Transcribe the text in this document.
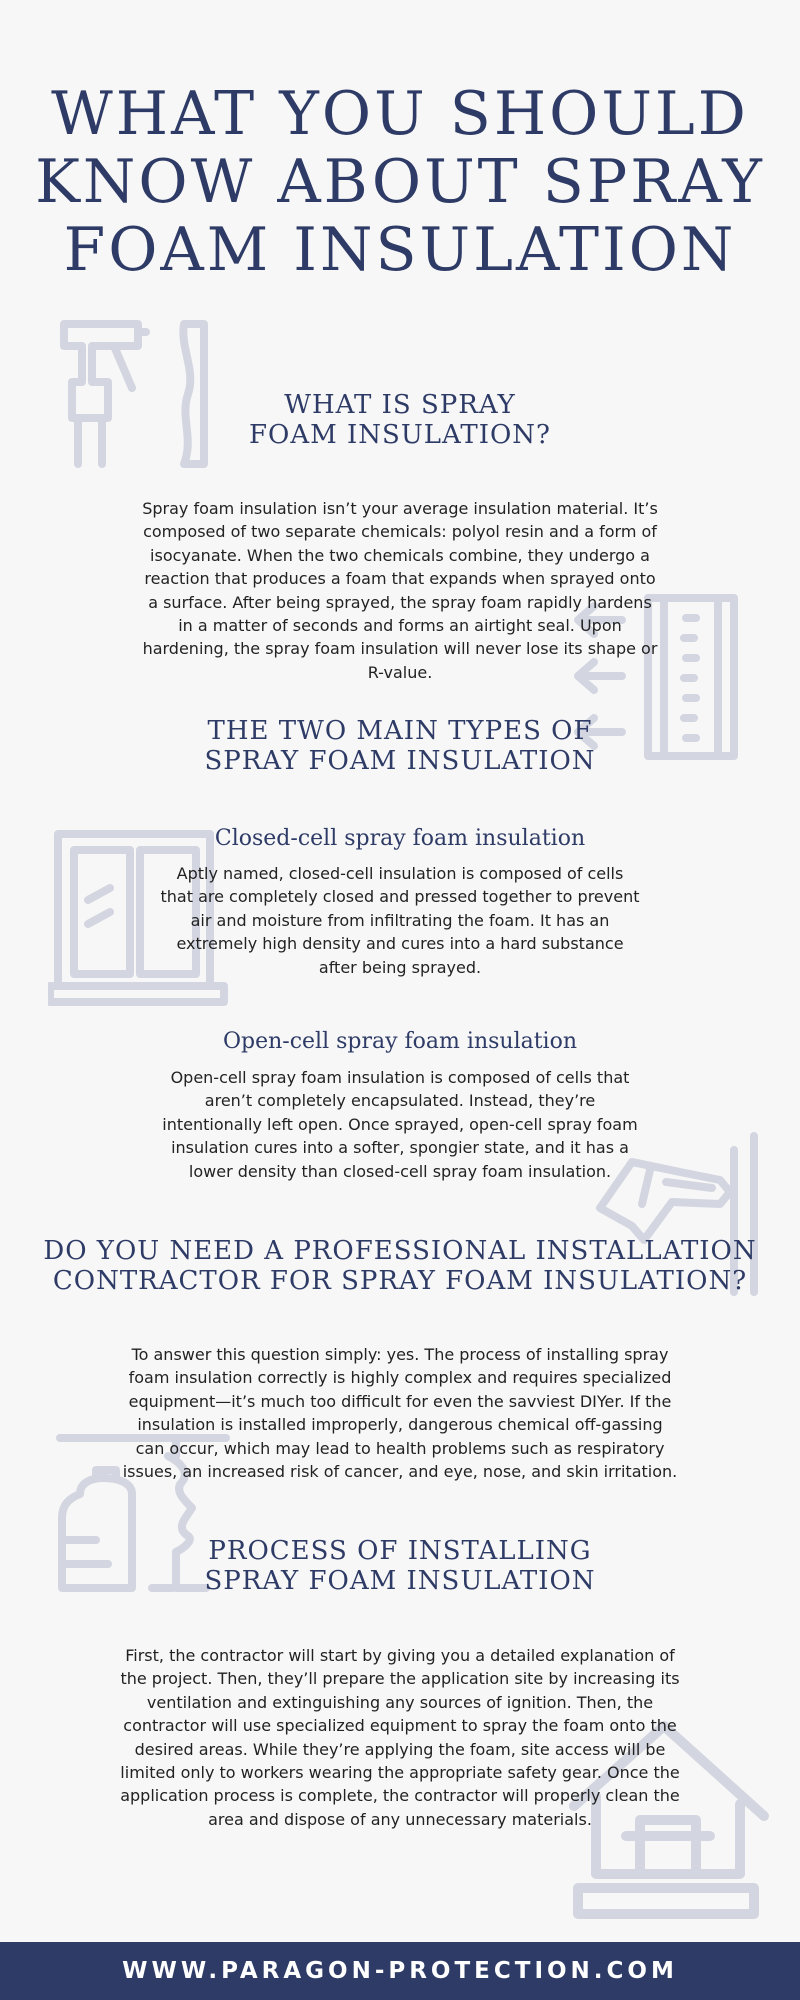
WHAT YOU SHOULD
KNOW ABOUT SPRAY
FOAM INSULATION
WHAT IS SPRAY
FOAM INSULATION?

Spray foam insulation isn’t your average insulation material. It’s composed of two separate chemicals: polyol resin and a form of isocyanate. When the two chemicals combine, they undergo a reaction that produces a foam that expands when sprayed onto a surface. After being sprayed, the spray foam rapidly hardens in a matter of seconds and forms an airtight seal. Upon hardening, the spray foam insulation will never lose its shape or R-value.

THE TWO MAIN TYPES OF
SPRAY FOAM INSULATION
Closed-cell spray foam insulation

Aptly named, closed-cell insulation is composed of cells that are completely closed and pressed together to prevent air and moisture from infiltrating the foam. It has an extremely high density and cures into a hard substance after being sprayed.

Open-cell spray foam insulation

Open-cell spray foam insulation is composed of cells that aren’t completely encapsulated. Instead, they’re intentionally left open. Once sprayed, open-cell spray foam insulation cures into a softer, spongier state, and it has a lower density than closed-cell spray foam insulation.

DO YOU NEED A PROFESSIONAL INSTALLATION
CONTRACTOR FOR SPRAY FOAM INSULATION?

To answer this question simply: yes. The process of installing spray foam insulation correctly is highly complex and requires specialized equipment—it’s much too difficult for even the savviest DIYer. If the insulation is installed improperly, dangerous chemical off-gassing can occur, which may lead to health problems such as respiratory issues, an increased risk of cancer, and eye, nose, and skin irritation.

PROCESS OF INSTALLING
SPRAY FOAM INSULATION

First, the contractor will start by giving you a detailed explanation of the project. Then, they’ll prepare the application site by increasing its ventilation and extinguishing any sources of ignition. Then, the contractor will use specialized equipment to spray the foam onto the desired areas. While they’re applying the foam, site access will be limited only to workers wearing the appropriate safety gear. Once the application process is complete, the contractor will properly clean the area and dispose of any unnecessary materials.

WWW.PARAGON-PROTECTION.COM
